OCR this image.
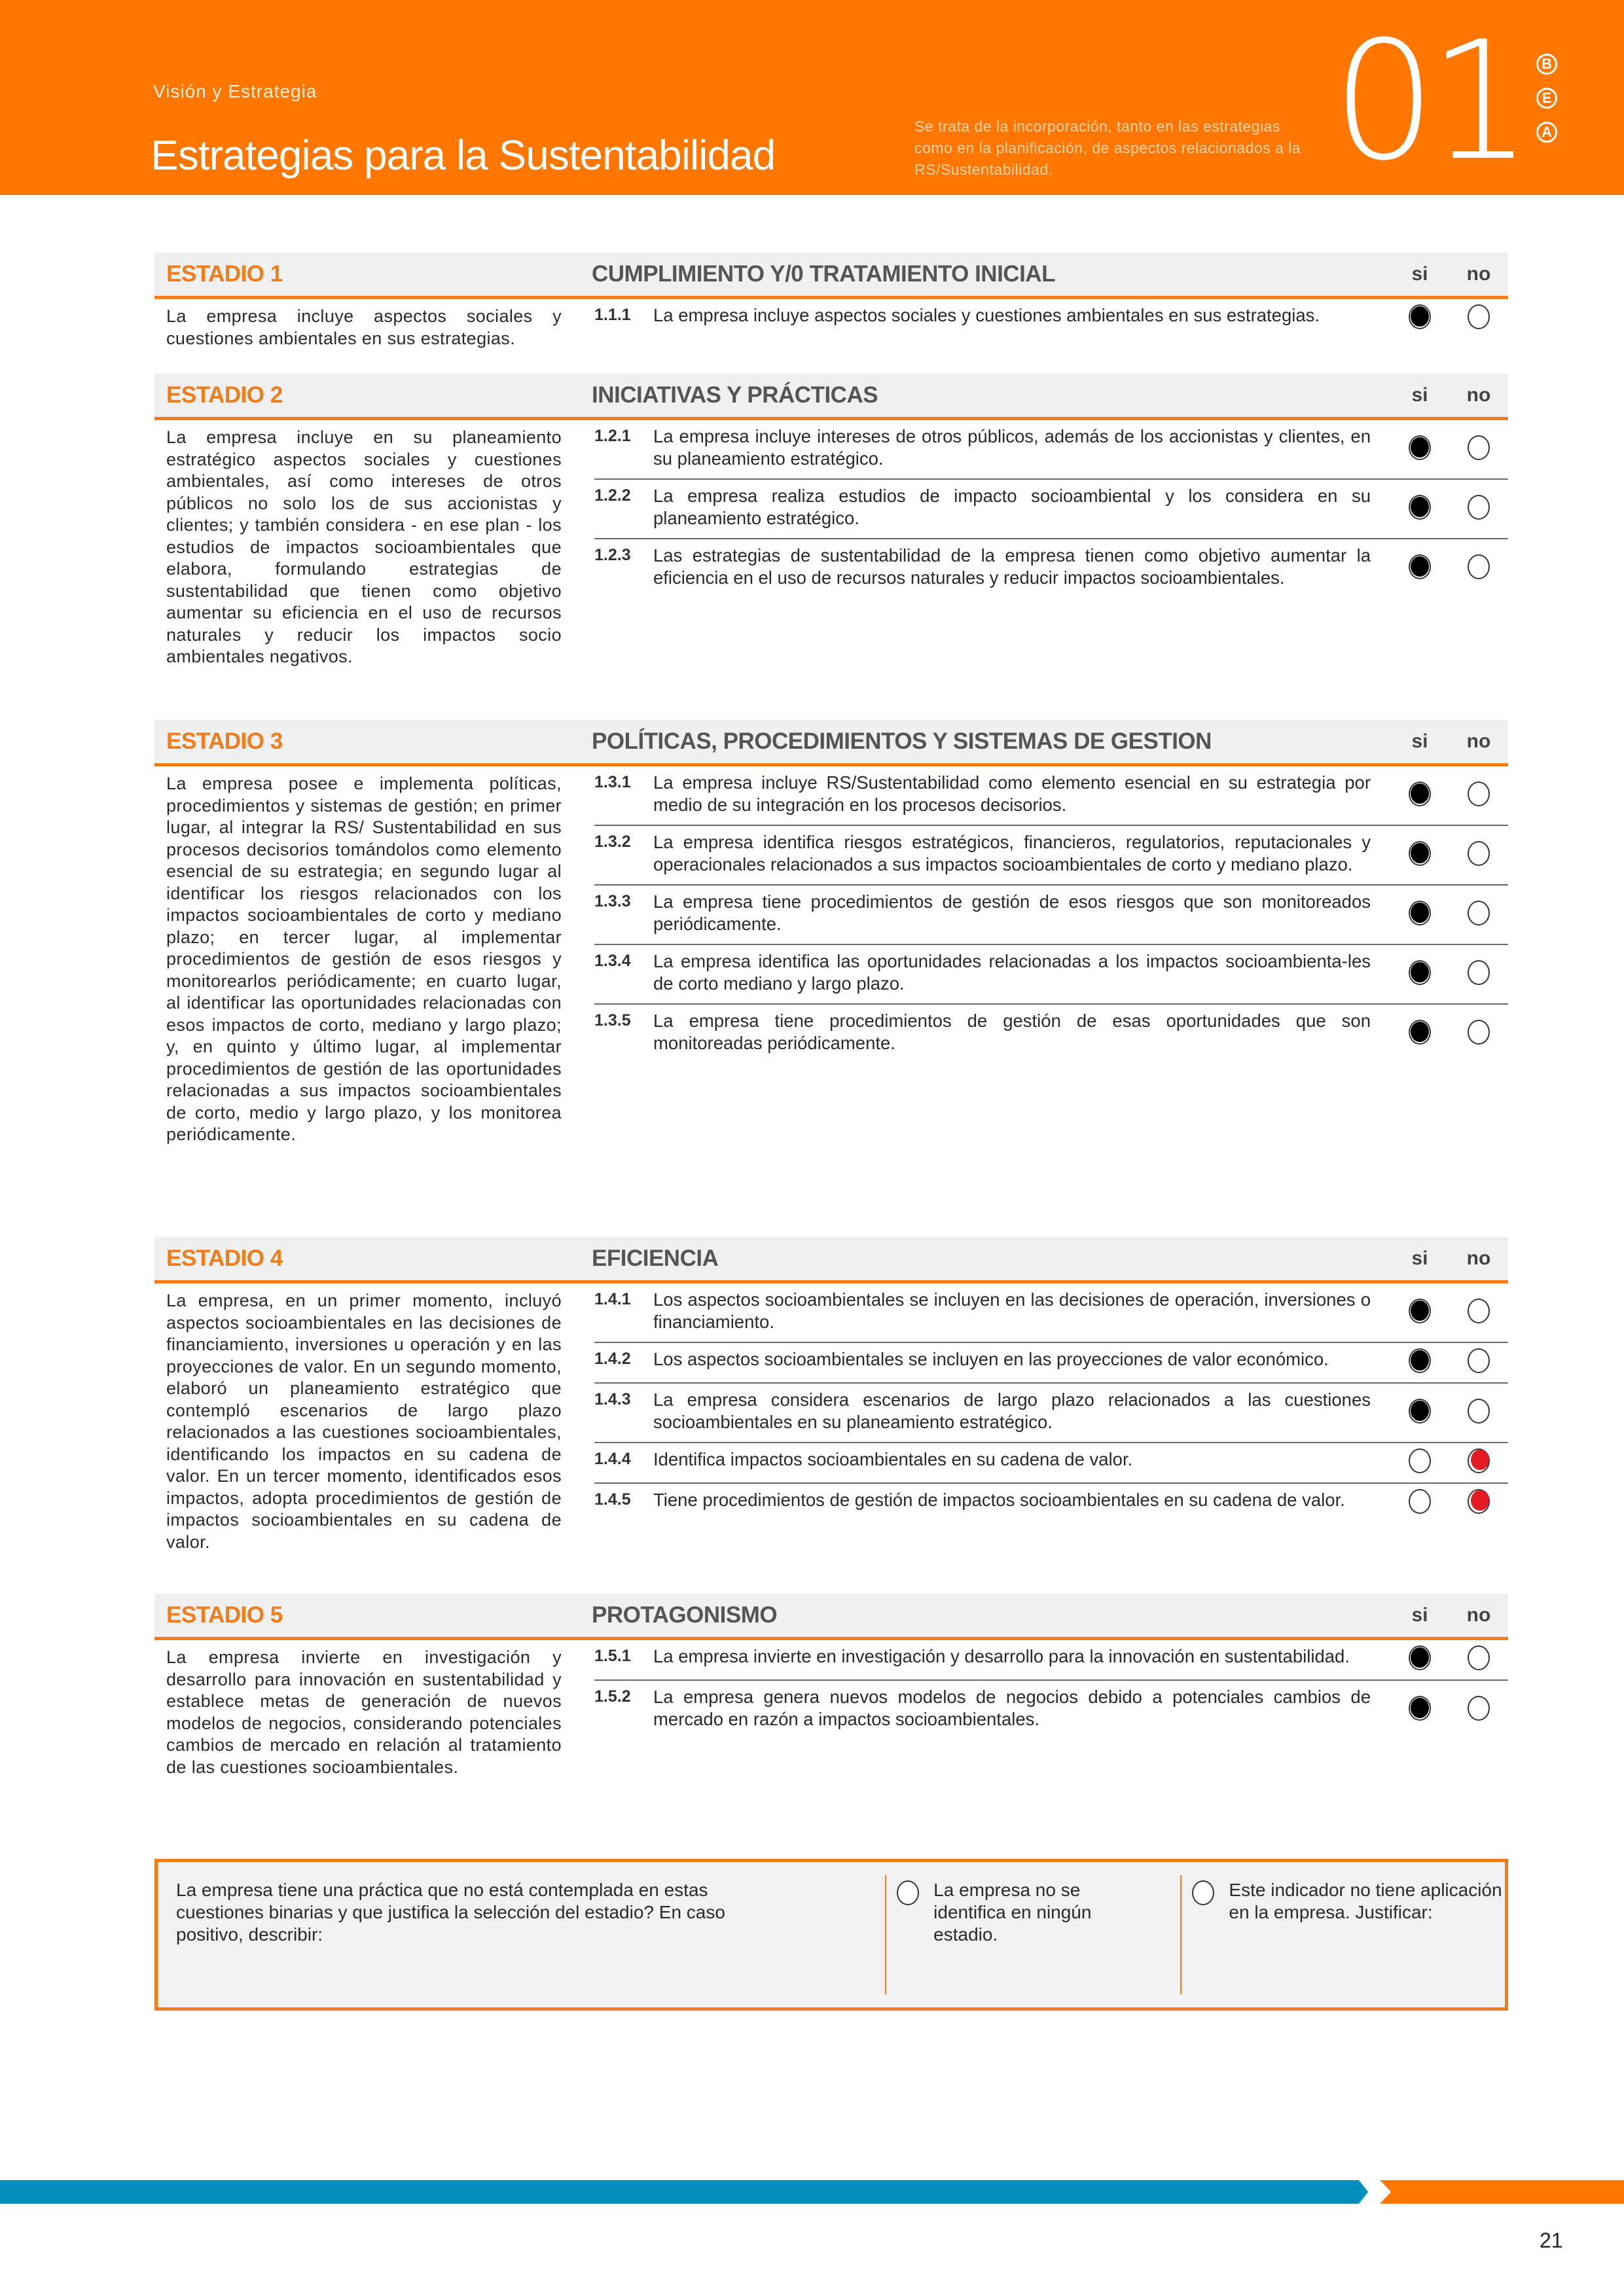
Visión y Estrategia
Estrategias para la Sustentabilidad
Se trata de la incorporación, tanto en las estrategias como en la planificación, de aspectos relacionados a la RS/Sustentabilidad.	01	B
E
A
ESTADIO 1	CUMPLIMIENTO Y/0 TRATAMIENTO INICIAL	si	no
La empresa incluye aspectos sociales y cuestiones ambientales en sus estrategias.
1.1.1	La empresa incluye aspectos sociales y cuestiones ambientales en sus estrategias.
ESTADIO 2	INICIATIVAS Y PRÁCTICAS	si	no
La empresa incluye en su planeamiento estratégico aspectos sociales y cuestiones ambientales, así como intereses de otros públicos no solo los de sus accionistas y clientes; y también considera - en ese plan - los estudios de impactos socioambientales que elabora, formulando estrategias de sustentabilidad que tienen como objetivo aumentar su eficiencia en el uso de recursos naturales y reducir los impactos socio ambientales negativos.
1.2.1	La empresa incluye intereses de otros públicos, además de los accionistas y clientes, en su planeamiento estratégico.
1.2.2	La empresa realiza estudios de impacto socioambiental y los considera en su planeamiento estratégico.
1.2.3	Las estrategias de sustentabilidad de la empresa tienen como objetivo aumentar la eficiencia en el uso de recursos naturales y reducir impactos socioambientales.
ESTADIO 3	POLÍTICAS, PROCEDIMIENTOS Y SISTEMAS DE GESTION	si	no
La empresa posee e implementa políticas, procedimientos y sistemas de gestión; en primer lugar, al integrar la RS/ Sustentabilidad en sus procesos decisorios tomándolos como elemento esencial de su estrategia; en segundo lugar al identificar los riesgos relacionados con los impactos socioambientales de corto y mediano plazo; en tercer lugar, al implementar procedimientos de gestión de esos riesgos y monitorearlos periódicamente; en cuarto lugar, al identificar las oportunidades relacionadas con esos impactos de corto, mediano y largo plazo; y, en quinto y último lugar, al implementar procedimientos de gestión de las oportunidades relacionadas a sus impactos socioambientales de corto, medio y largo plazo, y los monitorea periódicamente.
1.3.1	La empresa incluye RS/Sustentabilidad como elemento esencial en su estrategia por medio de su integración en los procesos decisorios.
1.3.2	La empresa identifica riesgos estratégicos, financieros, regulatorios, reputacionales y operacionales relacionados a sus impactos socioambientales de corto y mediano plazo.
1.3.3	La empresa tiene procedimientos de gestión de esos riesgos que son monitoreados periódicamente.
1.3.4	La empresa identifica las oportunidades relacionadas a los impactos socioambienta-les de corto mediano y largo plazo.
1.3.5	La empresa tiene procedimientos de gestión de esas oportunidades que son monitoreadas periódicamente.
ESTADIO 4	EFICIENCIA	si	no
La empresa, en un primer momento, incluyó aspectos socioambientales en las decisiones de financiamiento, inversiones u operación y en las proyecciones de valor. En un segundo momento, elaboró un planeamiento estratégico que contempló escenarios de largo plazo relacionados a las cuestiones socioambientales, identificando los impactos en su cadena de valor. En un tercer momento, identificados esos impactos, adopta procedimientos de gestión de impactos socioambientales en su cadena de valor.
1.4.1	Los aspectos socioambientales se incluyen en las decisiones de operación, inversiones o financiamiento.
1.4.2	Los aspectos socioambientales se incluyen en las proyecciones de valor económico.
1.4.3	La empresa considera escenarios de largo plazo relacionados a las cuestiones socioambientales en su planeamiento estratégico.
1.4.4	Identifica impactos socioambientales en su cadena de valor.
1.4.5	Tiene procedimientos de gestión de impactos socioambientales en su cadena de valor.
ESTADIO 5	PROTAGONISMO	si	no
La empresa invierte en investigación y desarrollo para innovación en sustentabilidad y establece metas de generación de nuevos modelos de negocios, considerando potenciales cambios de mercado en relación al tratamiento de las cuestiones socioambientales.
1.5.1	La empresa invierte en investigación y desarrollo para la innovación en sustentabilidad.
1.5.2	La empresa genera nuevos modelos de negocios debido a potenciales cambios de mercado en razón a impactos socioambientales.
La empresa tiene una práctica que no está contemplada en estas cuestiones binarias y que justifica la selección del estadio? En caso positivo, describir:
La empresa no se identifica en ningún estadio.
Este indicador no tiene aplicación en la empresa. Justificar:
21
